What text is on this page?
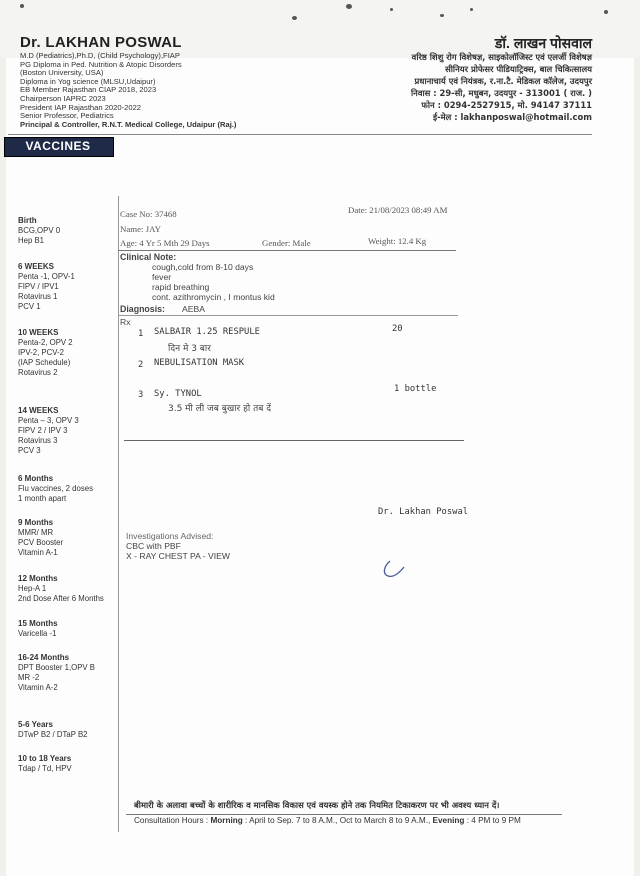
Dr. LAKHAN POSWAL
M.D (Pediatrics),Ph.D, (Child Psychology),FIAP
PG Diploma in Ped. Nutrition & Atopic Disorders
(Boston University, USA)
Diploma in Yog science (MLSU,Udaipur)
EB Member Rajasthan CIAP 2018, 2023
Chairperson IAPRC 2023
President IAP Rajasthan 2020-2022
Senior Professor, Pediatrics
Principal & Controller, R.N.T. Medical College, Udaipur (Raj.)
डॉ. लाखन पोसवाल
वरिष्ठ शिशु रोग विशेषज्ञ, साइकोलॉजिस्ट एवं एलर्जी विशेषज्ञ
सीनियर प्रोफेसर पीडियाट्रिक्स, बाल चिकित्सालय
प्रधानाचार्य एवं नियंत्रक, र.ना.टै. मेडिकल कॉलेज, उदयपुर
निवास : 29-सी, मधुबन, उदयपुर - 313001 ( राज. )
फोन : 0294-2527915, मो. 94147 37111
ई-मेल : lakhanposwal@hotmail.com
VACCINES
Birth
BCG,OPV 0
Hep B1
6 WEEKS
Penta -1, OPV-1
FIPV / IPV1
Rotavirus 1
PCV 1
10 WEEKS
Penta-2, OPV 2
IPV-2, PCV-2
(IAP Schedule)
Rotavirus 2
14 WEEKS
Penta – 3, OPV 3
FIPV 2 / IPV 3
Rotavirus 3
PCV 3
6 Months
Flu vaccines, 2 doses
1 month apart
9 Months
MMR/ MR
PCV Booster
Vitamin A-1
12 Months
Hep-A 1
2nd Dose After 6 Months
15 Months
Varicella -1
16-24 Months
DPT Booster 1,OPV B
MR -2
Vitamin A-2
5-6 Years
DTwP B2 / DTaP B2
10 to 18 Years
Tdap / Td, HPV
Case No: 37468	Date: 21/08/2023 08:49 AM
Name: JAY
Age: 4 Yr 5 Mth 29 Days	Gender: Male	Weight: 12.4 Kg
Clinical Note:
cough,cold from 8-10 days
fever
rapid breathing
cont. azithromycin , I montus kid
Diagnosis: AEBA
Rx
1 SALBAIR 1.25 RESPULE	20
दिन मे 3 बार
2 NEBULISATION MASK
3 Sy. TYNOL	1 bottle
3.5 मी ली जब बुखार हो तब दें
Dr. Lakhan Poswal
Investigations Advised:
CBC with PBF
X - RAY CHEST PA - VIEW
बीमारी के अलावा बच्चों के शारीरिक व मानसिक विकास एवं वयस्क होने तक नियमित टिकाकरण पर भी अवश्य ध्यान दें।
Consultation Hours : Morning : April to Sep. 7 to 8 A.M., Oct to March 8 to 9 A.M., Evening : 4 PM to 9 PM
